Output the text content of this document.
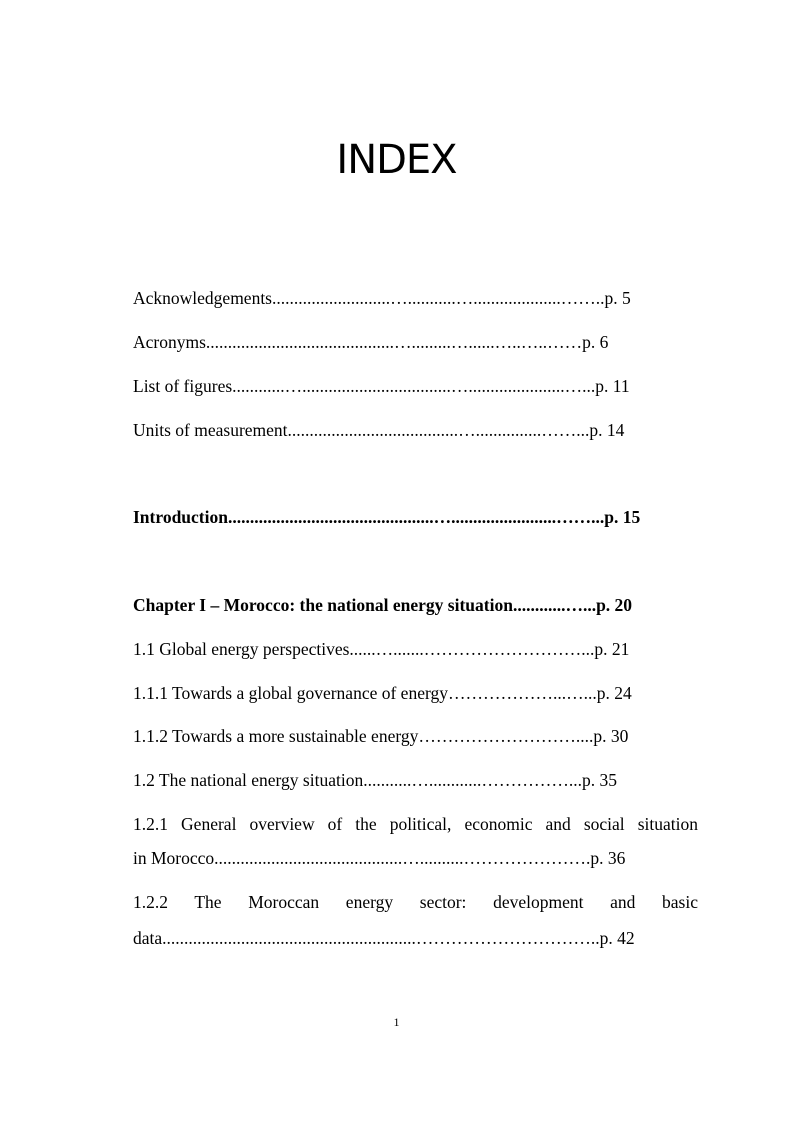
INDEX
Acknowledgements...........................…...........…....................……..p. 5
Acronyms...........................................….........…......…..…..……p. 6
List of figures............…..................................…......................…...p. 11
Units of measurement.......................................…...............……...p. 14
Introduction...............................................…........................……...p. 15
Chapter I – Morocco: the national energy situation............…...p. 20
1.1 Global energy perspectives......….......………………………...p. 21
1.1.1 Towards a global governance of energy………………...…...p. 24
1.1.2 Towards a more sustainable energy………………………....p. 30
1.2 The national energy situation...........…............……………...p. 35
1.2.1 General overview of the political, economic and social situation
in Morocco...........................................…..........………………….p. 36
1.2.2 The Moroccan energy sector: development and basic
data..........................................................…………………………..p. 42
1
